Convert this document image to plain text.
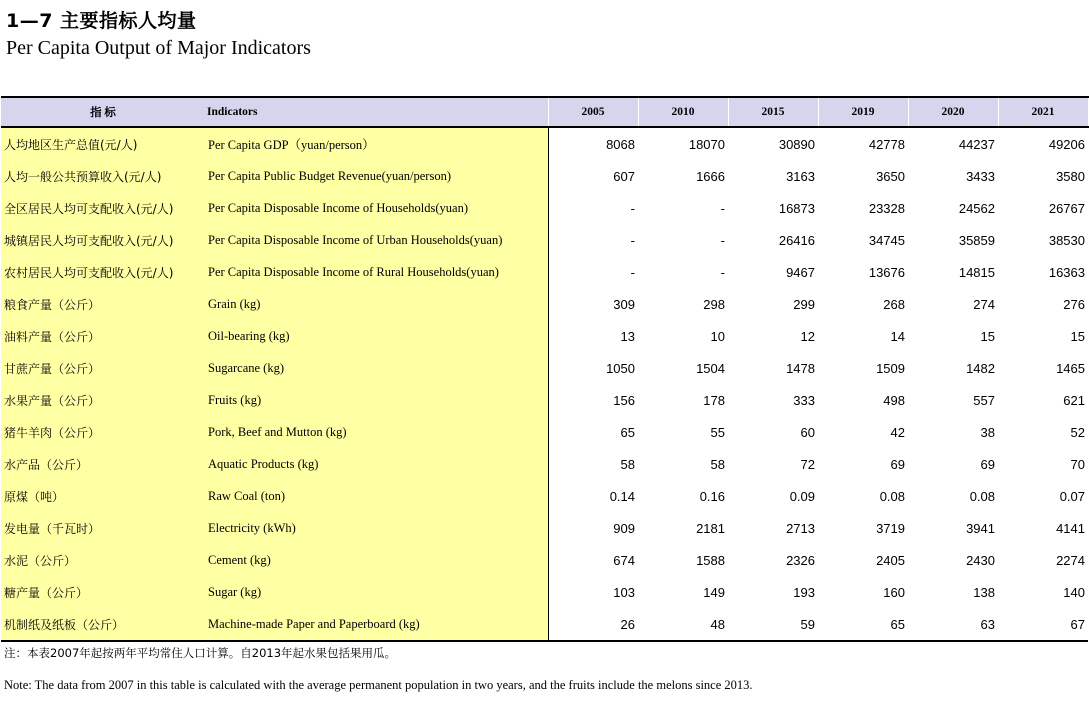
1—7 主要指标人均量
Per Capita Output of Major Indicators
指 标	Indicators	2005	2010	2015	2019	2020	2021
人均地区生产总值(元/人)	Per Capita GDP（yuan/person）	8068	18070	30890	42778	44237	49206
人均一般公共预算收入(元/人)	Per Capita Public Budget Revenue(yuan/person)	607	1666	3163	3650	3433	3580
全区居民人均可支配收入(元/人)	Per Capita Disposable Income of Households(yuan)	-	-	16873	23328	24562	26767
城镇居民人均可支配收入(元/人)	Per Capita Disposable Income of Urban Households(yuan)	-	-	26416	34745	35859	38530
农村居民人均可支配收入(元/人)	Per Capita Disposable Income of Rural Households(yuan)	-	-	9467	13676	14815	16363
粮食产量（公斤）	Grain (kg)	309	298	299	268	274	276
油料产量（公斤）	Oil-bearing (kg)	13	10	12	14	15	15
甘蔗产量（公斤）	Sugarcane (kg)	1050	1504	1478	1509	1482	1465
水果产量（公斤）	Fruits (kg)	156	178	333	498	557	621
猪牛羊肉（公斤）	Pork, Beef and Mutton (kg)	65	55	60	42	38	52
水产品（公斤）	Aquatic Products (kg)	58	58	72	69	69	70
原煤（吨）	Raw Coal (ton)	0.14	0.16	0.09	0.08	0.08	0.07
发电量（千瓦时）	Electricity (kWh)	909	2181	2713	3719	3941	4141
水泥（公斤）	Cement (kg)	674	1588	2326	2405	2430	2274
糖产量（公斤）	Sugar (kg)	103	149	193	160	138	140
机制纸及纸板（公斤）	Machine-made Paper and Paperboard (kg)	26	48	59	65	63	67
注：本表2007年起按两年平均常住人口计算。自2013年起水果包括果用瓜。
Note: The data from 2007 in this table is calculated with the average permanent population in two years, and the fruits include the melons since 2013.
